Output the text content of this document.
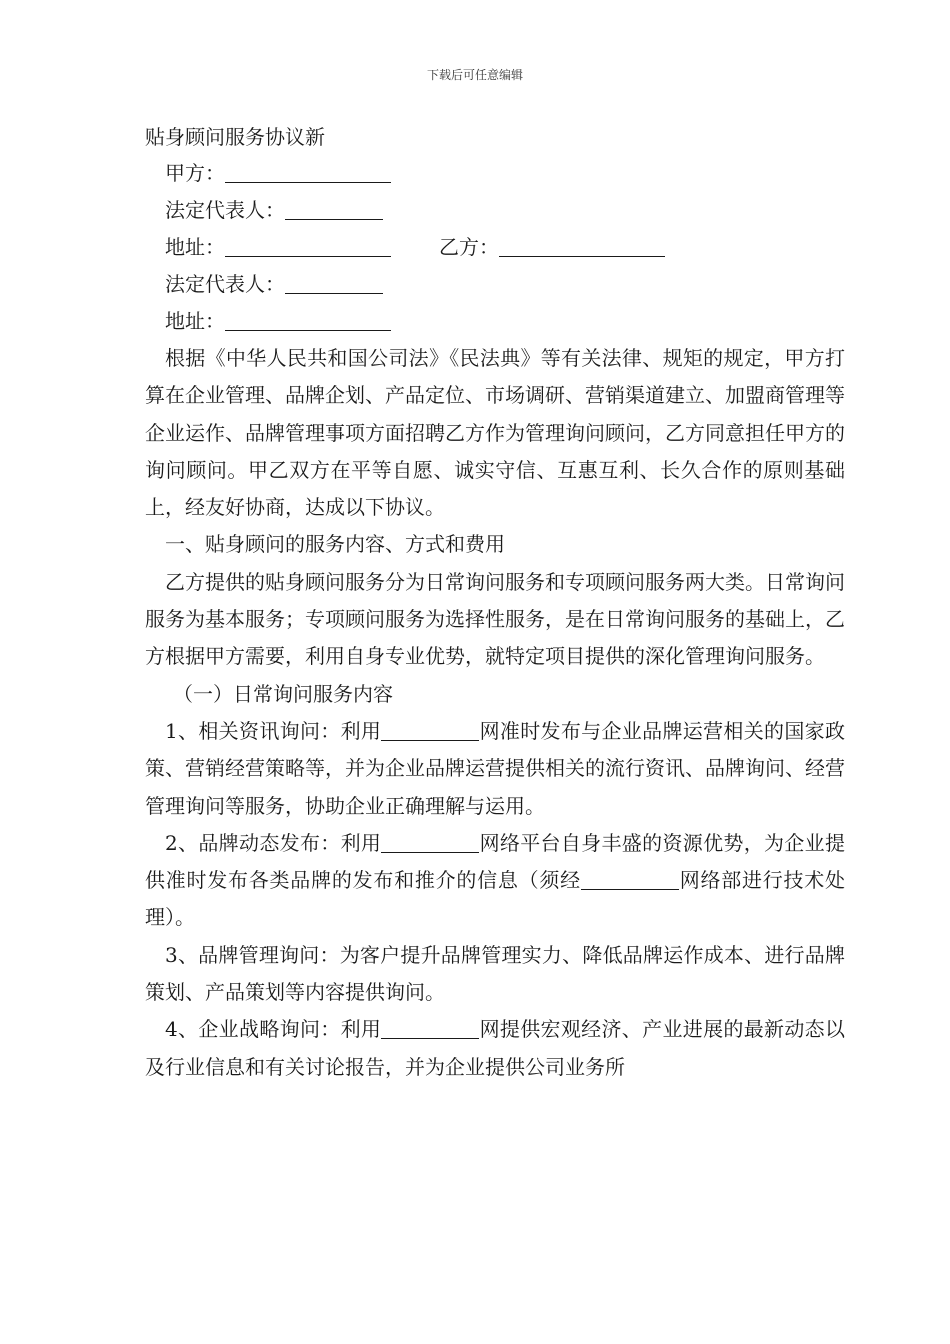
下载后可任意编辑
贴身顾问服务协议新
甲方：
法定代表人：
地址：	乙方：
法定代表人：
地址：

根据《中华人民共和国公司法》《民法典》等有关法律、规矩的规定，甲方打算在企业管理、品牌企划、产品定位、市场调研、营销渠道建立、加盟商管理等企业运作、品牌管理事项方面招聘乙方作为管理询问顾问，乙方同意担任甲方的询问顾问。甲乙双方在平等自愿、诚实守信、互惠互利、长久合作的原则基础上，经友好协商，达成以下协议。

一、贴身顾问的服务内容、方式和费用

乙方提供的贴身顾问服务分为日常询问服务和专项顾问服务两大类。日常询问服务为基本服务；专项顾问服务为选择性服务，是在日常询问服务的基础上，乙方根据甲方需要，利用自身专业优势，就特定项目提供的深化管理询问服务。

（一）日常询问服务内容

1、相关资讯询问：利用	网准时发布与企业品牌运营相关的国家政策、营销经营策略等，并为企业品牌运营提供相关的流行资讯、品牌询问、经营管理询问等服务，协助企业正确理解与运用。

2、品牌动态发布：利用	网络平台自身丰盛的资源优势，为企业提供准时发布各类品牌的发布和推介的信息（须经	网络部进行技术处理）。

3、品牌管理询问：为客户提升品牌管理实力、降低品牌运作成本、进行品牌策划、产品策划等内容提供询问。

4、企业战略询问：利用	网提供宏观经济、产业进展的最新动态以及行业信息和有关讨论报告，并为企业提供公司业务所
